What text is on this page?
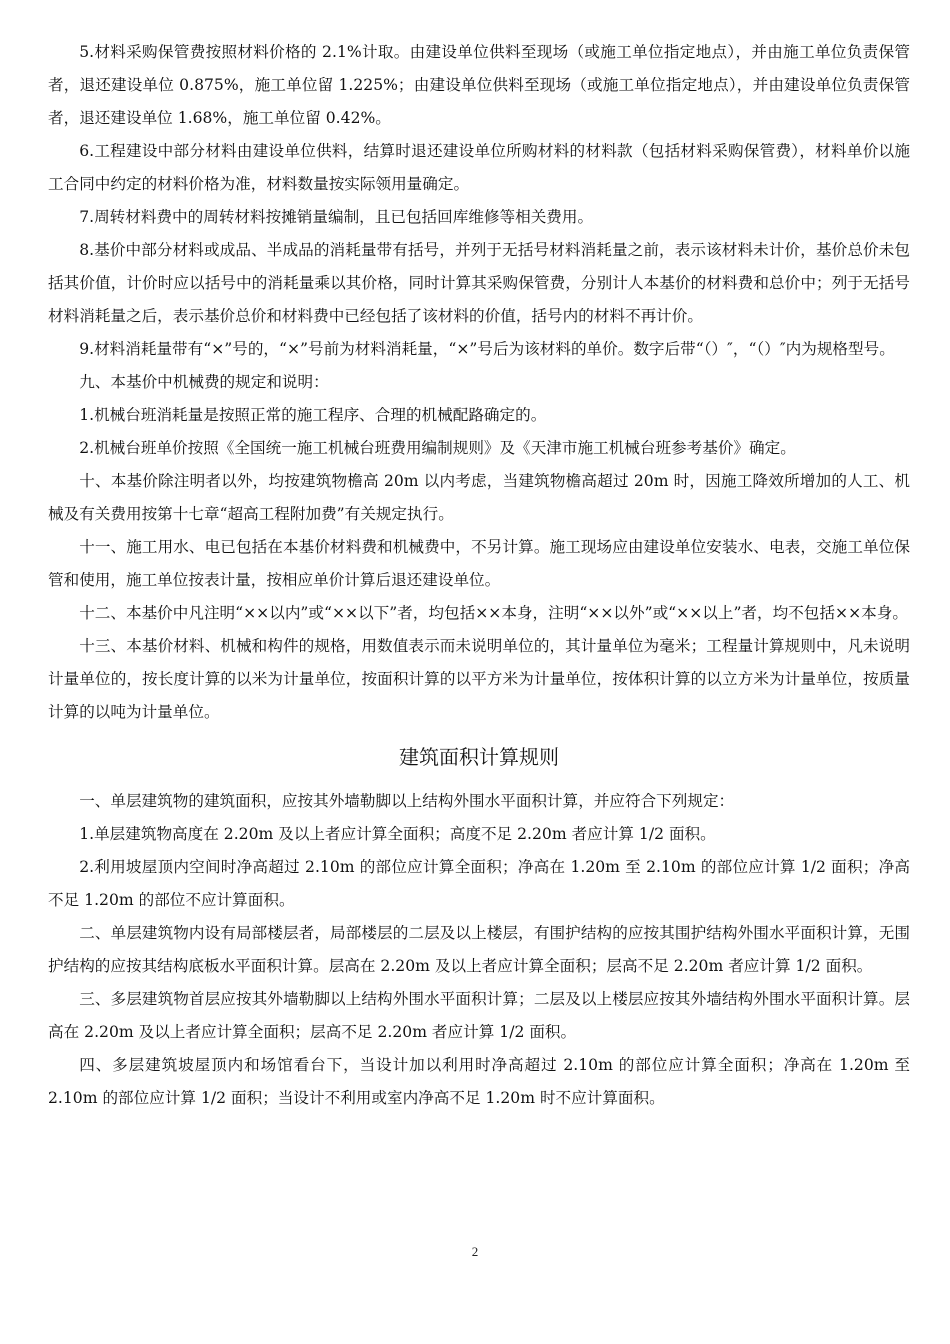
5.材料采购保管费按照材料价格的 2.1%计取。由建设单位供料至现场（或施工单位指定地点），并由施工单位负责保管者，退还建设单位 0.875%，施工单位留 1.225%；由建设单位供料至现场（或施工单位指定地点），并由建设单位负责保管者，退还建设单位 1.68%，施工单位留 0.42%。

6.工程建设中部分材料由建设单位供料，结算时退还建设单位所购材料的材料款（包括材料采购保管费），材料单价以施工合同中约定的材料价格为准，材料数量按实际领用量确定。

7.周转材料费中的周转材料按摊销量编制，且已包括回库维修等相关费用。

8.基价中部分材料或成品、半成品的消耗量带有括号，并列于无括号材料消耗量之前，表示该材料未计价，基价总价未包括其价值，计价时应以括号中的消耗量乘以其价格，同时计算其采购保管费，分别计人本基价的材料费和总价中；列于无括号材料消耗量之后，表示基价总价和材料费中已经包括了该材料的价值，括号内的材料不再计价。

9.材料消耗量带有“×”号的，“×”号前为材料消耗量，“×”号后为该材料的单价。数字后带“（）″，“（）″内为规格型号。

九、本基价中机械费的规定和说明：

1.机械台班消耗量是按照正常的施工程序、合理的机械配路确定的。

2.机械台班单价按照《全国统一施工机械台班费用编制规则》及《天津市施工机械台班参考基价》确定。

十、本基价除注明者以外，均按建筑物檐高 20m 以内考虑，当建筑物檐高超过 20m 时，因施工降效所增加的人工、机械及有关费用按第十七章“超高工程附加费”有关规定执行。

十一、施工用水、电已包括在本基价材料费和机械费中，不另计算。施工现场应由建设单位安装水、电表，交施工单位保管和使用，施工单位按表计量，按相应单价计算后退还建设单位。

十二、本基价中凡注明“××以内”或“××以下”者，均包括××本身，注明“××以外”或“××以上”者，均不包括××本身。

十三、本基价材料、机械和构件的规格，用数值表示而未说明单位的，其计量单位为毫米；工程量计算规则中，凡未说明计量单位的，按长度计算的以米为计量单位，按面积计算的以平方米为计量单位，按体积计算的以立方米为计量单位，按质量计算的以吨为计量单位。

建筑面积计算规则

一、单层建筑物的建筑面积，应按其外墙勒脚以上结构外围水平面积计算，并应符合下列规定：

1.单层建筑物高度在 2.20m 及以上者应计算全面积；高度不足 2.20m 者应计算 1/2 面积。

2.利用坡屋顶内空间时净高超过 2.10m 的部位应计算全面积；净高在 1.20m 至 2.10m 的部位应计算 1/2 面积；净高不足 1.20m 的部位不应计算面积。

二、单层建筑物内设有局部楼层者，局部楼层的二层及以上楼层，有围护结构的应按其围护结构外围水平面积计算，无围护结构的应按其结构底板水平面积计算。层高在 2.20m 及以上者应计算全面积；层高不足 2.20m 者应计算 1/2 面积。

三、多层建筑物首层应按其外墙勒脚以上结构外围水平面积计算；二层及以上楼层应按其外墙结构外围水平面积计算。层高在 2.20m 及以上者应计算全面积；层高不足 2.20m 者应计算 1/2 面积。

四、多层建筑坡屋顶内和场馆看台下，当设计加以利用时净高超过 2.10m 的部位应计算全面积；净高在 1.20m 至 2.10m 的部位应计算 1/2 面积；当设计不利用或室内净高不足 1.20m 时不应计算面积。

2
